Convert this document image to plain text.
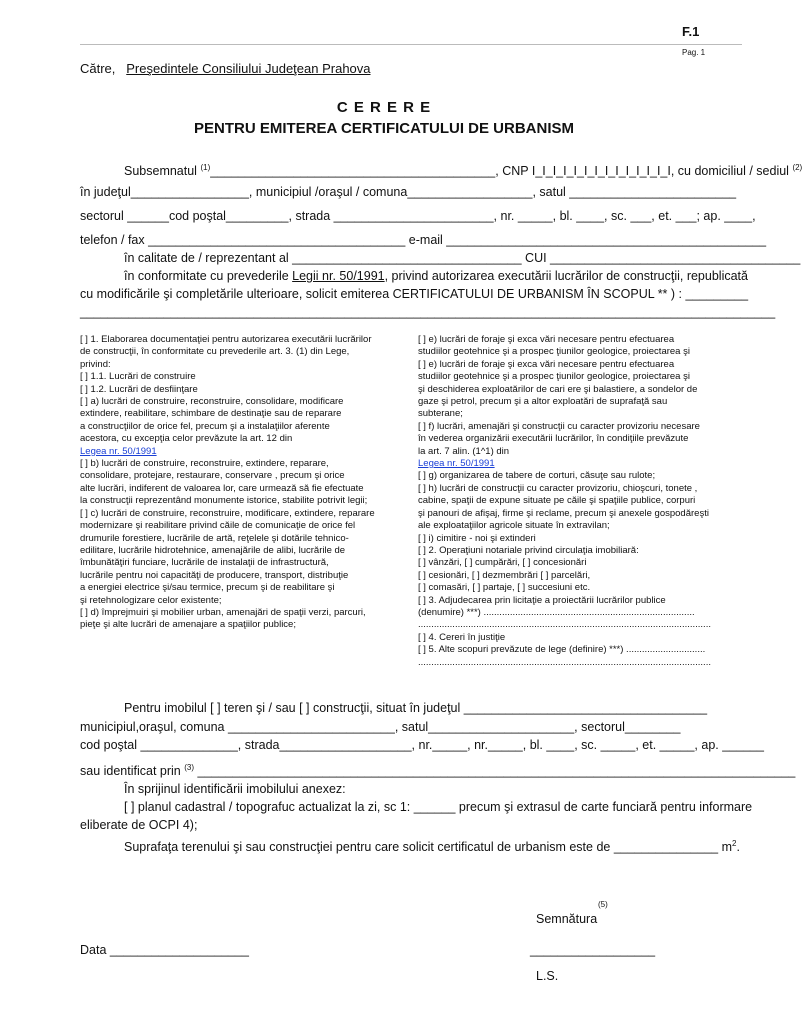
F.1
Pag. 1
Către, Preşedintele Consiliului Judeţean Prahova
C E R E R E
PENTRU EMITEREA CERTIFICATULUI DE URBANISM
Subsemnatul $^{(1)}$_________________________________________, CNP I_I_I_I_I_I_I_I_I_I_I_I_I_I, cu domiciliul / sediul $^{(2)}$
în judeţul_________________, municipiul /oraşul / comuna__________________, satul ________________________
sectorul ______cod poştal_________, strada _______________________, nr. _____, bl. ____, sc. ___, et. ___; ap. ____,
telefon / fax _____________________________________ e-mail ______________________________________________
în calitate de / reprezentant al _________________________________ CUI ____________________________________
în conformitate cu prevederile Legii nr. 50/1991, privind autorizarea executării lucrărilor de construcţii, republicată
cu modificările şi completările ulterioare, solicit emiterea CERTIFICATULUI DE URBANISM ÎN SCOPUL ** ) : _________
____________________________________________________________________________________________________
[ ] 1. Elaborarea documentaţiei pentru autorizarea executării lucrărilor
de construcţii, în conformitate cu prevederile art. 3. (1) din Lege,
privind:
[ ] 1.1. Lucrări de construire
[ ] 1.2. Lucrări de desfiinţare
[ ] a) lucrări de construire, reconstruire, consolidare, modificare
extindere, reabilitare, schimbare de destinaţie sau de reparare
a construcţiilor de orice fel, precum şi a instalaţiilor aferente
acestora, cu excepţia celor prevăzute la art. 12 din
Legea nr. 50/1991
[ ] b) lucrări de construire, reconstruire, extindere, reparare,
consolidare, protejare, restaurare, conservare , precum şi orice
alte lucrări, indiferent de valoarea lor, care urmează să fie efectuate
la construcţii reprezentând monumente istorice, stabilite potrivit legii;
[ ] c) lucrări de construire, reconstruire, modificare, extindere, reparare
modernizare şi reabilitare privind căile de comunicaţie de orice fel
drumurile forestiere, lucrările de artă, reţelele şi dotările tehnico-
edilitare, lucrările hidrotehnice, amenajările de alibi, lucrările de
îmbunătăţiri funciare, lucrările de instalaţii de infrastructură,
lucrările pentru noi capacităţi de producere, transport, distribuţie
a energiei electrice şi/sau termice, precum şi de reabilitare şi
şi retehnologizare celor existente;
[ ] d) împrejmuiri şi mobilier urban, amenajări de spaţii verzi, parcuri,
pieţe şi alte lucrări de amenajare a spaţiilor publice;
[ ] e) lucrări de foraje şi exca vări necesare pentru efectuarea
studiilor geotehnice şi a prospec ţiunilor geologice, proiectarea şi
[ ] e) lucrări de foraje şi exca vări necesare pentru efectuarea
studiilor geotehnice şi a prospec ţiunilor geologice, proiectarea şi
şi deschiderea exploatărilor de cari ere şi balastiere, a sondelor de
gaze şi petrol, precum şi a altor exploatări de suprafaţă sau
subterane;
[ ] f) lucrări, amenajări şi construcţii cu caracter provizoriu necesare
în vederea organizării executării lucrărilor, în condiţiile prevăzute
la art. 7 alin. (1^1) din
Legea nr. 50/1991
[ ] g) organizarea de tabere de corturi, căsuţe sau rulote;
[ ] h) lucrări de construcţii cu caracter provizoriu, chioşcuri, tonete ,
cabine, spaţii de expune situate pe căile şi spaţiile publice, corpuri
şi panouri de afişaj, firme şi reclame, precum şi anexele gospodăreşti
ale exploataţiilor agricole situate în extravilan;
[ ] i) cimitire - noi şi extinderi
[ ] 2. Operaţiuni notariale privind circulaţia imobiliară:
[ ] vânzări, [ ] cumpărări, [ ] concesionări
[ ] cesionări, [ ] dezmembrări [ ] parcelări,
[ ] comasări, [ ] partaje, [ ] succesiuni etc.
[ ] 3. Adjudecarea prin licitaţie a proiectării lucrărilor publice
(denumire) ***) ................................................................................
...............................................................................................................
[ ] 4. Cereri în justiţie
[ ] 5. Alte scopuri prevăzute de lege (definire) ***) ..............................
...............................................................................................................
Pentru imobilul [ ] teren şi / sau [ ] construcţii, situat în judeţul ___________________________________
municipiul,oraşul, comuna ________________________, satul_____________________, sectorul________
cod poştal ______________, strada___________________, nr._____, nr._____, bl. ____, sc. _____, et. _____, ap. ______
sau identificat prin $^{(3)}$ ______________________________________________________________________________________
În sprijinul identificării imobilului anexez:
[ ] planul cadastral / topografuc actualizat la zi, sc 1: ______ precum şi extrasul de carte funciară pentru informare
eliberate de OCPI 4);
Suprafaţa terenului şi sau construcţiei pentru care solicit certificatul de urbanism este de _______________ $m^2$.
(5)
Semnătura
Data ____________________	__________________
L.S.
